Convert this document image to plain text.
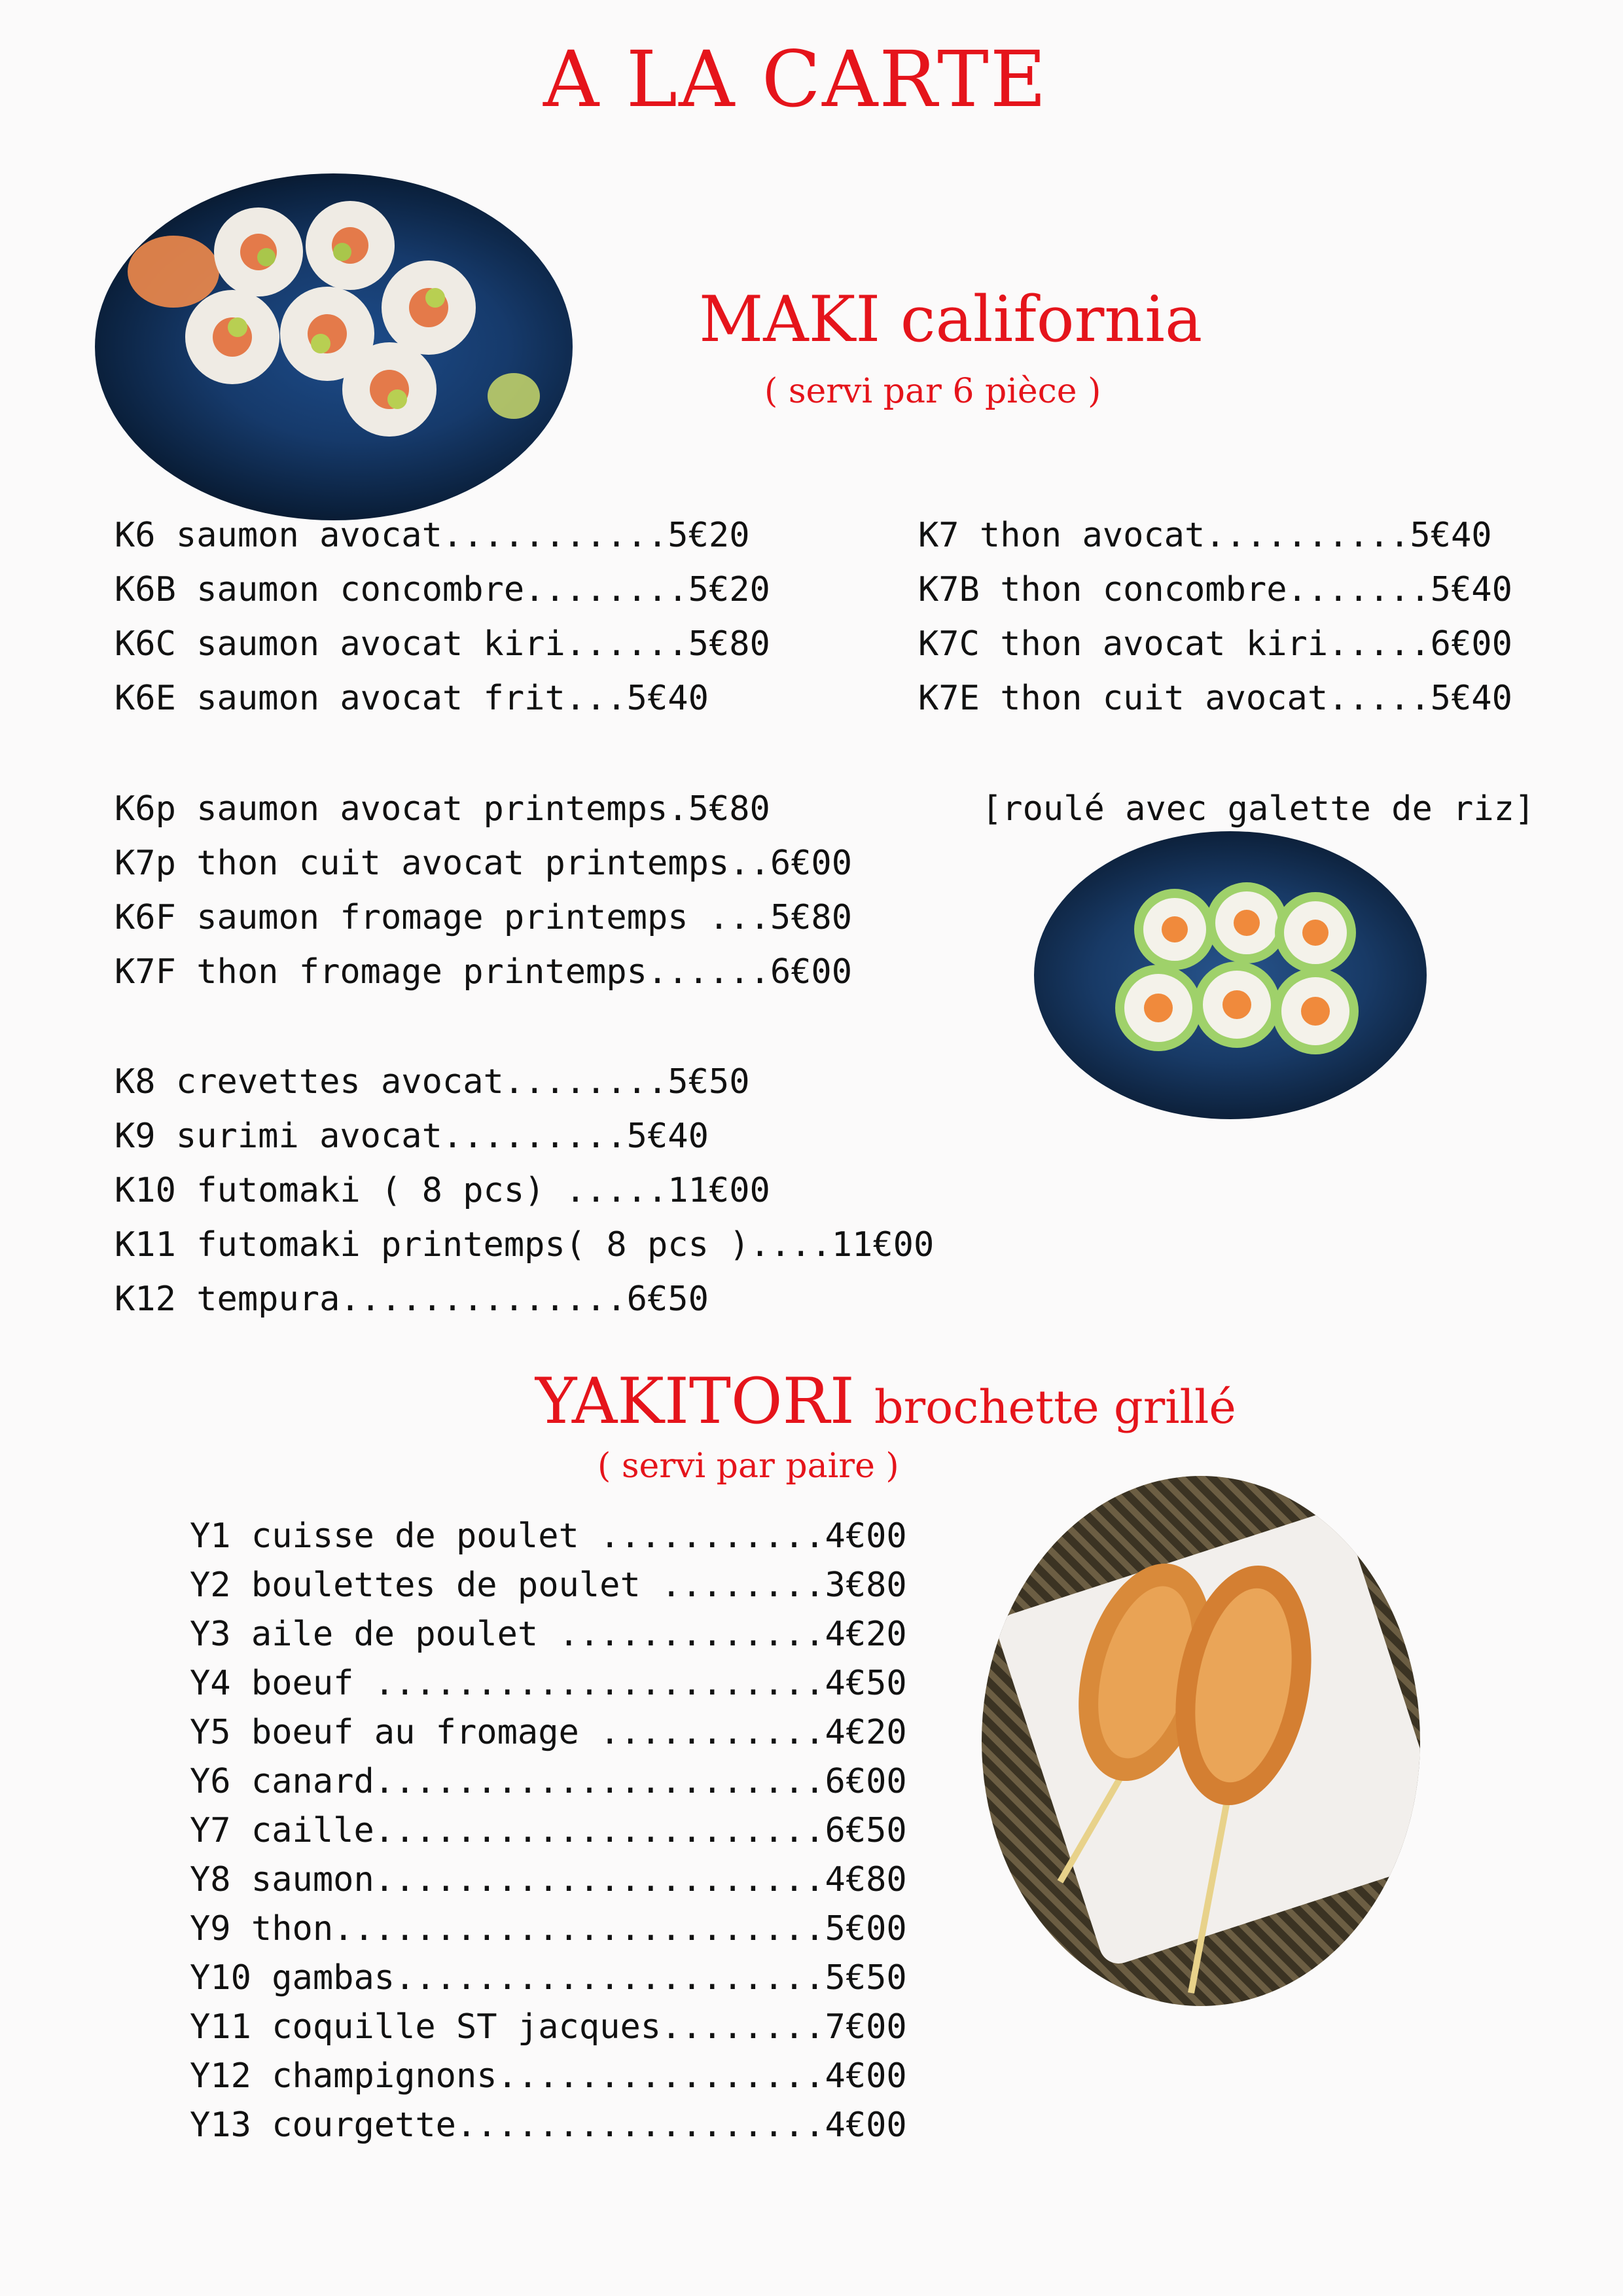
A LA CARTE
MAKI california
( servi par 6 pièce )
K6 saumon avocat...........5€20
K6B saumon concombre........5€20
K6C saumon avocat kiri......5€80
K6E saumon avocat frit...5€40
K7 thon avocat..........5€40
K7B thon concombre.......5€40
K7C thon avocat kiri.....6€00
K7E thon cuit avocat.....5€40
K6p saumon avocat printemps.5€80
K7p thon cuit avocat printemps..6€00
K6F saumon fromage printemps ...5€80
K7F thon fromage printemps......6€00
[roulé avec galette de riz]
K8 crevettes avocat........5€50
K9 surimi avocat.........5€40
K10 futomaki ( 8 pcs) .....11€00
K11 futomaki printemps( 8 pcs )....11€00
K12 tempura..............6€50
YAKITORI brochette grillé
( servi par paire )
Y1 cuisse de poulet ...........4€00
Y2 boulettes de poulet ........3€80
Y3 aile de poulet .............4€20
Y4 boeuf ......................4€50
Y5 boeuf au fromage ...........4€20
Y6 canard......................6€00
Y7 caille......................6€50
Y8 saumon......................4€80
Y9 thon........................5€00
Y10 gambas.....................5€50
Y11 coquille ST jacques........7€00
Y12 champignons................4€00
Y13 courgette..................4€00
